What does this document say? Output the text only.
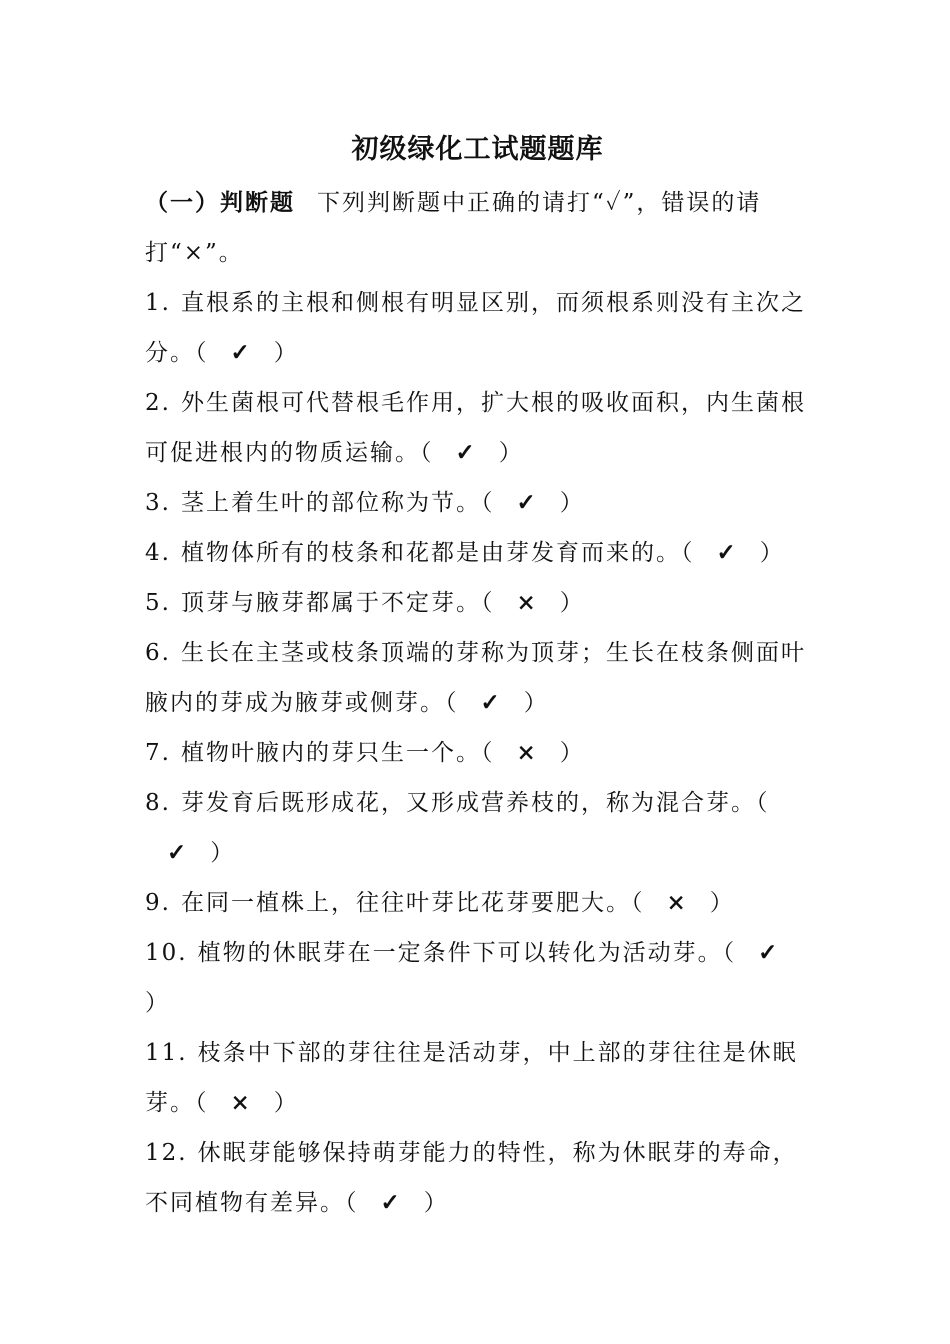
初级绿化工试题题库
（一）判断题 下列判断题中正确的请打“✓”，错误的请打“×”。
1. 直根系的主根和侧根有明显区别，而须根系则没有主次之分。（ ✓ ）
2. 外生菌根可代替根毛作用，扩大根的吸收面积，内生菌根可促进根内的物质运输。（ ✓ ）
3. 茎上着生叶的部位称为节。（ ✓ ）
4. 植物体所有的枝条和花都是由芽发育而来的。（ ✓ ）
5. 顶芽与腋芽都属于不定芽。（ × ）
6. 生长在主茎或枝条顶端的芽称为顶芽；生长在枝条侧面叶腋内的芽成为腋芽或侧芽。（ ✓ ）
7. 植物叶腋内的芽只生一个。（ × ）
8. 芽发育后既形成花，又形成营养枝的，称为混合芽。（✓ ）
9. 在同一植株上，往往叶芽比花芽要肥大。（ × ）
10. 植物的休眠芽在一定条件下可以转化为活动芽。（ ✓）
11. 枝条中下部的芽往往是活动芽，中上部的芽往往是休眠芽。（ × ）
12. 休眠芽能够保持萌芽能力的特性，称为休眠芽的寿命，不同植物有差异。（ ✓ ）
